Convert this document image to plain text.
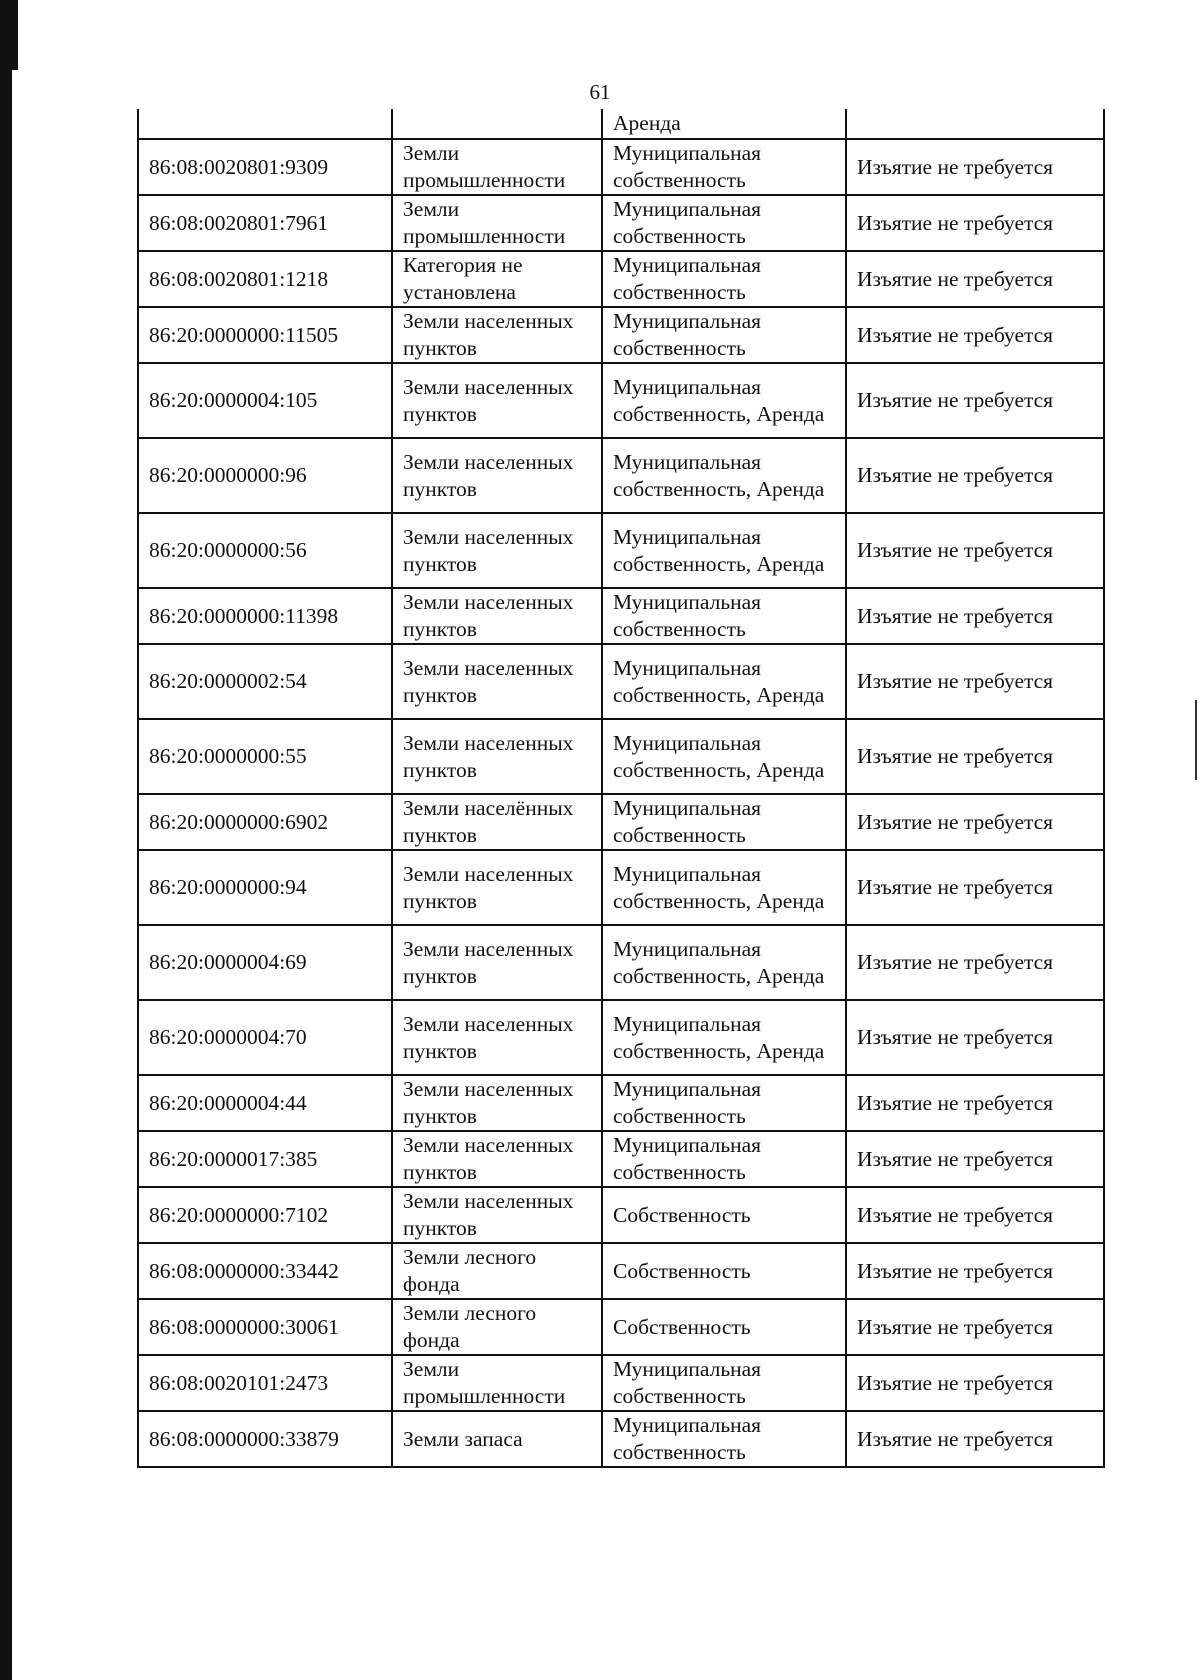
61
		Аренда	
86:08:0020801:9309	Земли промышленности	Муниципальная собственность	Изъятие не требуется
86:08:0020801:7961	Земли промышленности	Муниципальная собственность	Изъятие не требуется
86:08:0020801:1218	Категория не установлена	Муниципальная собственность	Изъятие не требуется
86:20:0000000:11505	Земли населенных пунктов	Муниципальная собственность	Изъятие не требуется
86:20:0000004:105	Земли населенных пунктов	Муниципальная собственность, Аренда	Изъятие не требуется
86:20:0000000:96	Земли населенных пунктов	Муниципальная собственность, Аренда	Изъятие не требуется
86:20:0000000:56	Земли населенных пунктов	Муниципальная собственность, Аренда	Изъятие не требуется
86:20:0000000:11398	Земли населенных пунктов	Муниципальная собственность	Изъятие не требуется
86:20:0000002:54	Земли населенных пунктов	Муниципальная собственность, Аренда	Изъятие не требуется
86:20:0000000:55	Земли населенных пунктов	Муниципальная собственность, Аренда	Изъятие не требуется
86:20:0000000:6902	Земли населённых пунктов	Муниципальная собственность	Изъятие не требуется
86:20:0000000:94	Земли населенных пунктов	Муниципальная собственность, Аренда	Изъятие не требуется
86:20:0000004:69	Земли населенных пунктов	Муниципальная собственность, Аренда	Изъятие не требуется
86:20:0000004:70	Земли населенных пунктов	Муниципальная собственность, Аренда	Изъятие не требуется
86:20:0000004:44	Земли населенных пунктов	Муниципальная собственность	Изъятие не требуется
86:20:0000017:385	Земли населенных пунктов	Муниципальная собственность	Изъятие не требуется
86:20:0000000:7102	Земли населенных пунктов	Собственность	Изъятие не требуется
86:08:0000000:33442	Земли лесного фонда	Собственность	Изъятие не требуется
86:08:0000000:30061	Земли лесного фонда	Собственность	Изъятие не требуется
86:08:0020101:2473	Земли промышленности	Муниципальная собственность	Изъятие не требуется
86:08:0000000:33879	Земли запаса	Муниципальная собственность	Изъятие не требуется
